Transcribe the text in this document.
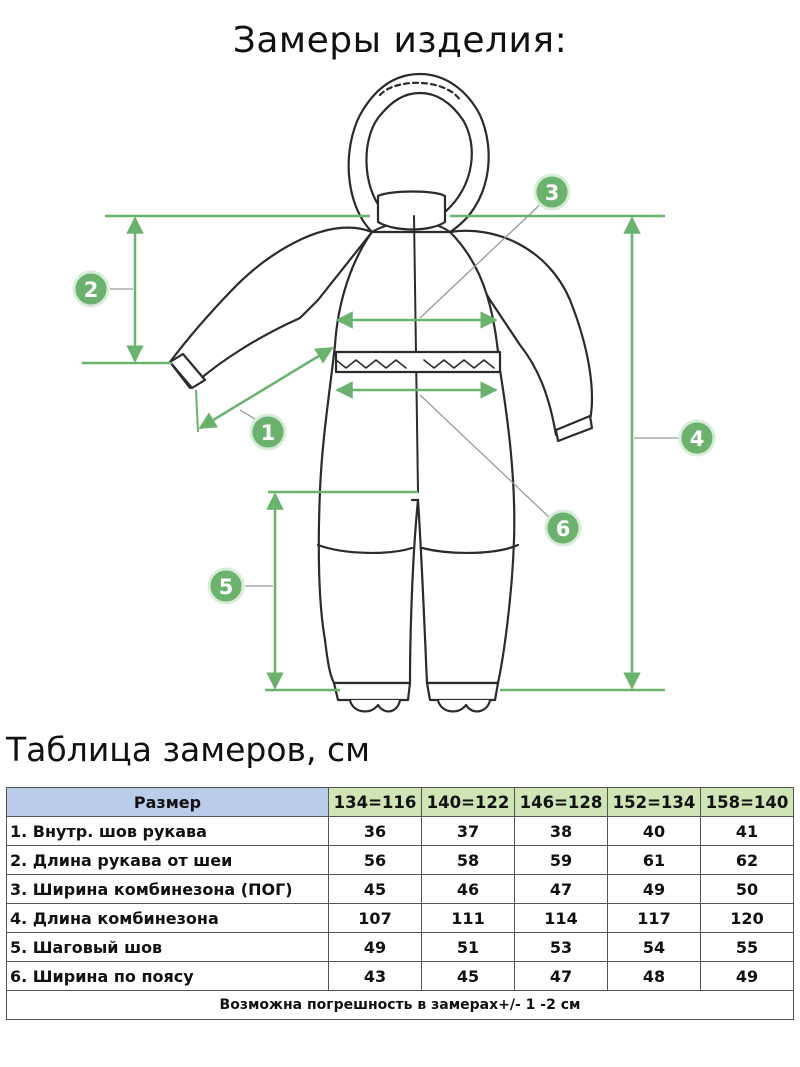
Замеры изделия:
1
2
3
4
5
6
Таблица замеров, см
Размер	134=116	140=122	146=128	152=134	158=140
1. Внутр. шов рукава	36	37	38	40	41
2. Длина рукава от шеи	56	58	59	61	62
3. Ширина комбинезона (ПОГ)	45	46	47	49	50
4. Длина комбинезона	107	111	114	117	120
5. Шаговый шов	49	51	53	54	55
6. Ширина по поясу	43	45	47	48	49
Возможна погрешность в замерах+/- 1 -2 см					
